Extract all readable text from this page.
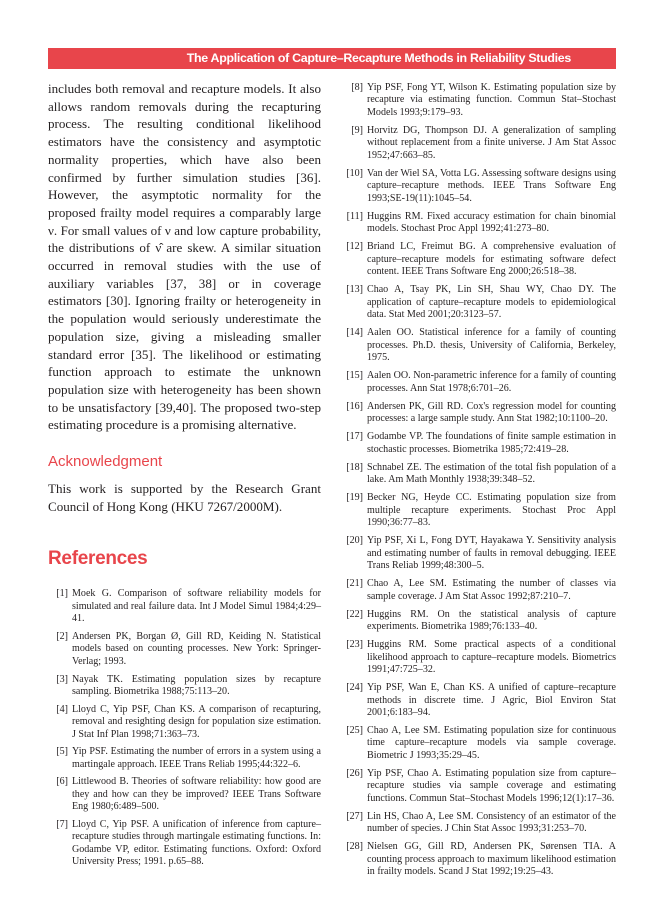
The Application of Capture–Recapture Methods in Reliability Studies	509

includes both removal and recapture models. It also allows random removals during the recapturing process. The resulting conditional likelihood estimators have the consistency and asymptotic normality properties, which have also been confirmed by further simulation studies [36]. However, the asymptotic normality for the proposed frailty model requires a comparably large ν. For small values of ν and low capture probability, the distributions of ν̂ are skew. A similar situation occurred in removal studies with the use of auxiliary variables [37, 38] or in coverage estimators [30]. Ignoring frailty or heterogeneity in the population would seriously underestimate the population size, giving a misleading smaller standard error [35]. The likelihood or estimating function approach to estimate the unknown population size with heterogeneity has been shown to be unsatisfactory [39,40]. The proposed two-step estimating procedure is a promising alternative.

Acknowledgment

This work is supported by the Research Grant Council of Hong Kong (HKU 7267/2000M).

References
[1] Moek G. Comparison of software reliability models for simulated and real failure data. Int J Model Simul 1984;4:29–41.
[2] Andersen PK, Borgan Ø, Gill RD, Keiding N. Statistical models based on counting processes. New York: Springer-Verlag; 1993.
[3] Nayak TK. Estimating population sizes by recapture sampling. Biometrika 1988;75:113–20.
[4] Lloyd C, Yip PSF, Chan KS. A comparison of recapturing, removal and resighting design for population size estimation. J Stat Inf Plan 1998;71:363–73.
[5] Yip PSF. Estimating the number of errors in a system using a martingale approach. IEEE Trans Reliab 1995;44:322–6.
[6] Littlewood B. Theories of software reliability: how good are they and how can they be improved? IEEE Trans Software Eng 1980;6:489–500.
[7] Lloyd C, Yip PSF. A unification of inference from capture–recapture studies through martingale estimating functions. In: Godambe VP, editor. Estimating functions. Oxford: Oxford University Press; 1991. p.65–88.
[8] Yip PSF, Fong YT, Wilson K. Estimating population size by recapture via estimating function. Commun Stat–Stochast Models 1993;9:179–93.
[9] Horvitz DG, Thompson DJ. A generalization of sampling without replacement from a finite universe. J Am Stat Assoc 1952;47:663–85.
[10] Van der Wiel SA, Votta LG. Assessing software designs using capture–recapture methods. IEEE Trans Software Eng 1993;SE-19(11):1045–54.
[11] Huggins RM. Fixed accuracy estimation for chain binomial models. Stochast Proc Appl 1992;41:273–80.
[12] Briand LC, Freimut BG. A comprehensive evaluation of capture–recapture models for estimating software defect content. IEEE Trans Software Eng 2000;26:518–38.
[13] Chao A, Tsay PK, Lin SH, Shau WY, Chao DY. The application of capture–recapture models to epidemiological data. Stat Med 2001;20:3123–57.
[14] Aalen OO. Statistical inference for a family of counting processes. Ph.D. thesis, University of California, Berkeley, 1975.
[15] Aalen OO. Non-parametric inference for a family of counting processes. Ann Stat 1978;6:701–26.
[16] Andersen PK, Gill RD. Cox's regression model for counting processes: a large sample study. Ann Stat 1982;10:1100–20.
[17] Godambe VP. The foundations of finite sample estimation in stochastic processes. Biometrika 1985;72:419–28.
[18] Schnabel ZE. The estimation of the total fish population of a lake. Am Math Monthly 1938;39:348–52.
[19] Becker NG, Heyde CC. Estimating population size from multiple recapture experiments. Stochast Proc Appl 1990;36:77–83.
[20] Yip PSF, Xi L, Fong DYT, Hayakawa Y. Sensitivity analysis and estimating number of faults in removal debugging. IEEE Trans Reliab 1999;48:300–5.
[21] Chao A, Lee SM. Estimating the number of classes via sample coverage. J Am Stat Assoc 1992;87:210–7.
[22] Huggins RM. On the statistical analysis of capture experiments. Biometrika 1989;76:133–40.
[23] Huggins RM. Some practical aspects of a conditional likelihood approach to capture–recapture models. Biometrics 1991;47:725–32.
[24] Yip PSF, Wan E, Chan KS. A unified of capture–recapture methods in discrete time. J Agric, Biol Environ Stat 2001;6:183–94.
[25] Chao A, Lee SM. Estimating population size for continuous time capture–recapture models via sample coverage. Biometric J 1993;35:29–45.
[26] Yip PSF, Chao A. Estimating population size from capture–recapture studies via sample coverage and estimating functions. Commun Stat–Stochast Models 1996;12(1):17–36.
[27] Lin HS, Chao A, Lee SM. Consistency of an estimator of the number of species. J Chin Stat Assoc 1993;31:253–70.
[28] Nielsen GG, Gill RD, Andersen PK, Sørensen TIA. A counting process approach to maximum likelihood estimation in frailty models. Scand J Stat 1992;19:25–43.
